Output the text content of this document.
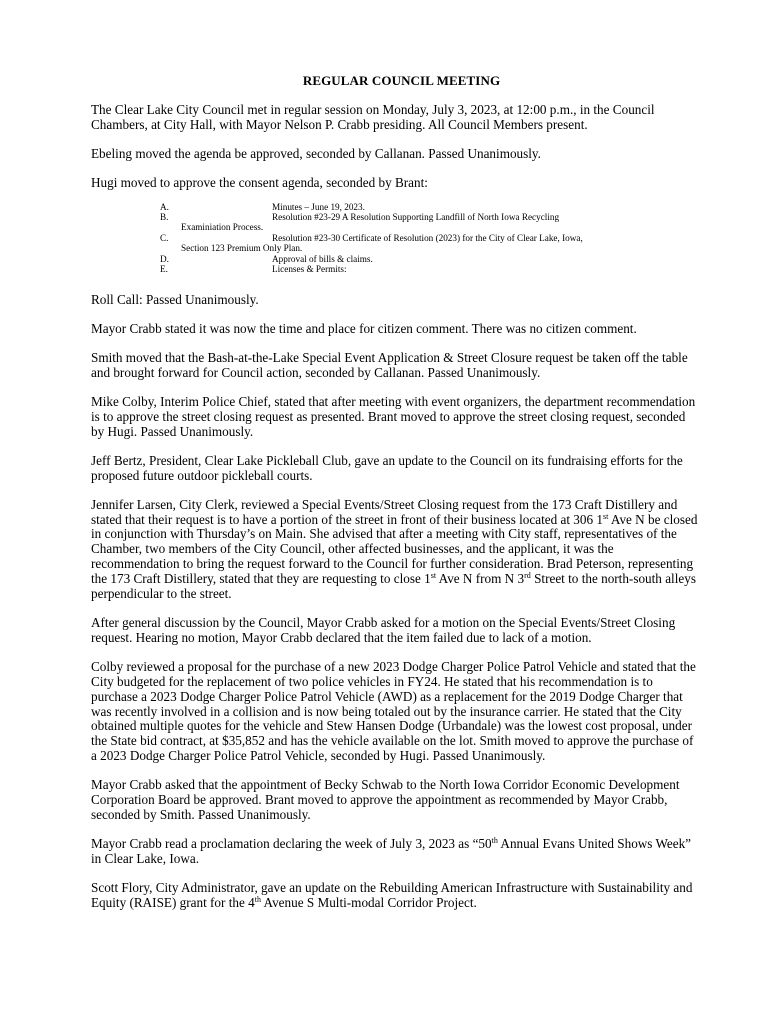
REGULAR COUNCIL MEETING

The Clear Lake City Council met in regular session on Monday, July 3, 2023, at 12:00 p.m., in the Council Chambers, at City Hall, with Mayor Nelson P. Crabb presiding. All Council Members present.

Ebeling moved the agenda be approved, seconded by Callanan. Passed Unanimously.

Hugi moved to approve the consent agenda, seconded by Brant:

A.	Minutes – June 19, 2023.
B.	Resolution #23-29 A Resolution Supporting Landfill of North Iowa Recycling
Examiniation Process.
C.	Resolution #23-30 Certificate of Resolution (2023) for the City of Clear Lake, Iowa,
Section 123 Premium Only Plan.
D.	Approval of bills & claims.
E.	Licenses & Permits:

Roll Call: Passed Unanimously.

Mayor Crabb stated it was now the time and place for citizen comment. There was no citizen comment.

Smith moved that the Bash-at-the-Lake Special Event Application & Street Closure request be taken off the table and brought forward for Council action, seconded by Callanan. Passed Unanimously.

Mike Colby, Interim Police Chief, stated that after meeting with event organizers, the department recommendation is to approve the street closing request as presented. Brant moved to approve the street closing request, seconded by Hugi. Passed Unanimously.

Jeff Bertz, President, Clear Lake Pickleball Club, gave an update to the Council on its fundraising efforts for the proposed future outdoor pickleball courts.

Jennifer Larsen, City Clerk, reviewed a Special Events/Street Closing request from the 173 Craft Distillery and stated that their request is to have a portion of the street in front of their business located at 306 1st Ave N be closed in conjunction with Thursday’s on Main. She advised that after a meeting with City staff, representatives of the Chamber, two members of the City Council, other affected businesses, and the applicant, it was the recommendation to bring the request forward to the Council for further consideration. Brad Peterson, representing the 173 Craft Distillery, stated that they are requesting to close 1st Ave N from N 3rd Street to the north-south alleys perpendicular to the street.

After general discussion by the Council, Mayor Crabb asked for a motion on the Special Events/Street Closing request. Hearing no motion, Mayor Crabb declared that the item failed due to lack of a motion.

Colby reviewed a proposal for the purchase of a new 2023 Dodge Charger Police Patrol Vehicle and stated that the City budgeted for the replacement of two police vehicles in FY24. He stated that his recommendation is to purchase a 2023 Dodge Charger Police Patrol Vehicle (AWD) as a replacement for the 2019 Dodge Charger that was recently involved in a collision and is now being totaled out by the insurance carrier. He stated that the City obtained multiple quotes for the vehicle and Stew Hansen Dodge (Urbandale) was the lowest cost proposal, under the State bid contract, at $35,852 and has the vehicle available on the lot. Smith moved to approve the purchase of a 2023 Dodge Charger Police Patrol Vehicle, seconded by Hugi. Passed Unanimously.

Mayor Crabb asked that the appointment of Becky Schwab to the North Iowa Corridor Economic Development Corporation Board be approved. Brant moved to approve the appointment as recommended by Mayor Crabb, seconded by Smith. Passed Unanimously.

Mayor Crabb read a proclamation declaring the week of July 3, 2023 as “50th Annual Evans United Shows Week” in Clear Lake, Iowa.

Scott Flory, City Administrator, gave an update on the Rebuilding American Infrastructure with Sustainability and Equity (RAISE) grant for the 4th Avenue S Multi-modal Corridor Project.
